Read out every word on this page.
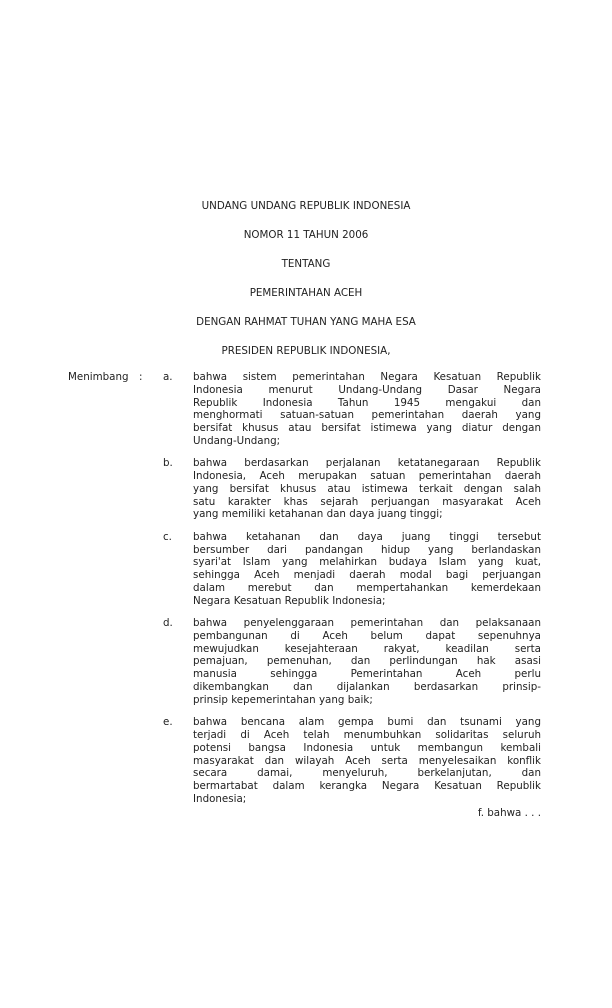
UNDANG UNDANG REPUBLIK INDONESIA
NOMOR 11 TAHUN 2006
TENTANG
PEMERINTAHAN ACEH
DENGAN RAHMAT TUHAN YANG MAHA ESA
PRESIDEN REPUBLIK INDONESIA,
Menimbang : a. bahwa sistem pemerintahan Negara Kesatuan Republik
Indonesia menurut Undang-Undang Dasar Negara
Republik Indonesia Tahun 1945 mengakui dan
menghormati satuan-satuan pemerintahan daerah yang
bersifat khusus atau bersifat istimewa yang diatur dengan
Undang-Undang;
b. bahwa berdasarkan perjalanan ketatanegaraan Republik
Indonesia, Aceh merupakan satuan pemerintahan daerah
yang bersifat khusus atau istimewa terkait dengan salah
satu karakter khas sejarah perjuangan masyarakat Aceh
yang memiliki ketahanan dan daya juang tinggi;
c. bahwa ketahanan dan daya juang tinggi tersebut
bersumber dari pandangan hidup yang berlandaskan
syari'at Islam yang melahirkan budaya Islam yang kuat,
sehingga Aceh menjadi daerah modal bagi perjuangan
dalam merebut dan mempertahankan kemerdekaan
Negara Kesatuan Republik Indonesia;
d. bahwa penyelenggaraan pemerintahan dan pelaksanaan
pembangunan di Aceh belum dapat sepenuhnya
mewujudkan kesejahteraan rakyat, keadilan serta
pemajuan, pemenuhan, dan perlindungan hak asasi
manusia sehingga Pemerintahan Aceh perlu
dikembangkan dan dijalankan berdasarkan prinsip-
prinsip kepemerintahan yang baik;
e. bahwa bencana alam gempa bumi dan tsunami yang
terjadi di Aceh telah menumbuhkan solidaritas seluruh
potensi bangsa Indonesia untuk membangun kembali
masyarakat dan wilayah Aceh serta menyelesaikan konflik
secara damai, menyeluruh, berkelanjutan, dan
bermartabat dalam kerangka Negara Kesatuan Republik
Indonesia;
f. bahwa . . .
